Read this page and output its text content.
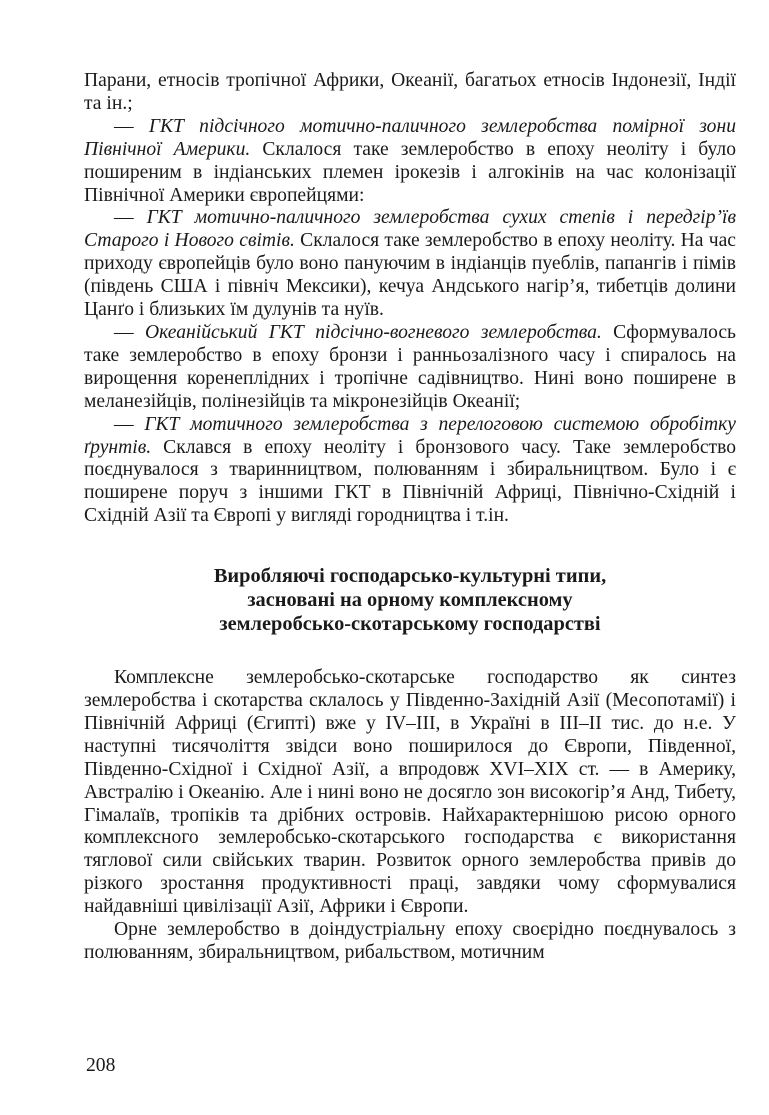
Парани, етносів тропічної Африки, Океанії, багатьох етносів Індонезії, Індії та ін.;

— ГКТ підсічного мотично-паличного землеробства помірної зони Північної Америки. Склалося таке землеробство в епоху неоліту і було поширеним в індіанських племен ірокезів і алгокінів на час колонізації Північної Америки європейцями:

— ГКТ мотично-паличного землеробства сухих степів і передгір’їв Старого і Нового світів. Склалося таке землеробство в епоху неоліту. На час приходу європейців було воно пануючим в індіанців пуеблів, папангів і пімів (південь США і північ Мексики), кечуа Андського нагір’я, тибетців долини Цанґо і близьких їм дулунів та нуїв.

— Океанійський ГКТ підсічно-вогневого землеробства. Сформувалось таке землеробство в епоху бронзи і ранньозалізного часу і спиралось на вирощення коренеплідних і тропічне садівництво. Нині воно поширене в меланезійців, полінезійців та мікронезійців Океанії;

— ГКТ мотичного землеробства з перелоговою системою обробітку ґрунтів. Склався в епоху неоліту і бронзового часу. Таке землеробство поєднувалося з тваринництвом, полюванням і збиральництвом. Було і є поширене поруч з іншими ГКТ в Північній Африці, Північно-Східній і Східній Азії та Європі у вигляді городництва і т.ін.

Виробляючі господарсько-культурні типи,
засновані на орному комплексному
землеробсько-скотарському господарстві

Комплексне землеробсько-скотарське господарство як синтез землеробства і скотарства склалось у Південно-Західній Азії (Месопотамії) і Північній Африці (Єгипті) вже у IV–III, в Україні в III–II тис. до н.е. У наступні тисячоліття звідси воно поширилося до Європи, Південної, Південно-Східної і Східної Азії, а впродовж XVI–XIX ст. — в Америку, Австралію і Океанію. Але і нині воно не досягло зон високогір’я Анд, Тибету, Гімалаїв, тропіків та дрібних островів. Найхарактернішою рисою орного комплексного землеробсько-скотарського господарства є використання тяглової сили свійських тварин. Розвиток орного землеробства привів до різкого зростання продуктивності праці, завдяки чому сформувалися найдавніші цивілізації Азії, Африки і Європи.

Орне землеробство в доіндустріальну епоху своєрідно поєднувалось з полюванням, збиральництвом, рибальством, мотичним

208
